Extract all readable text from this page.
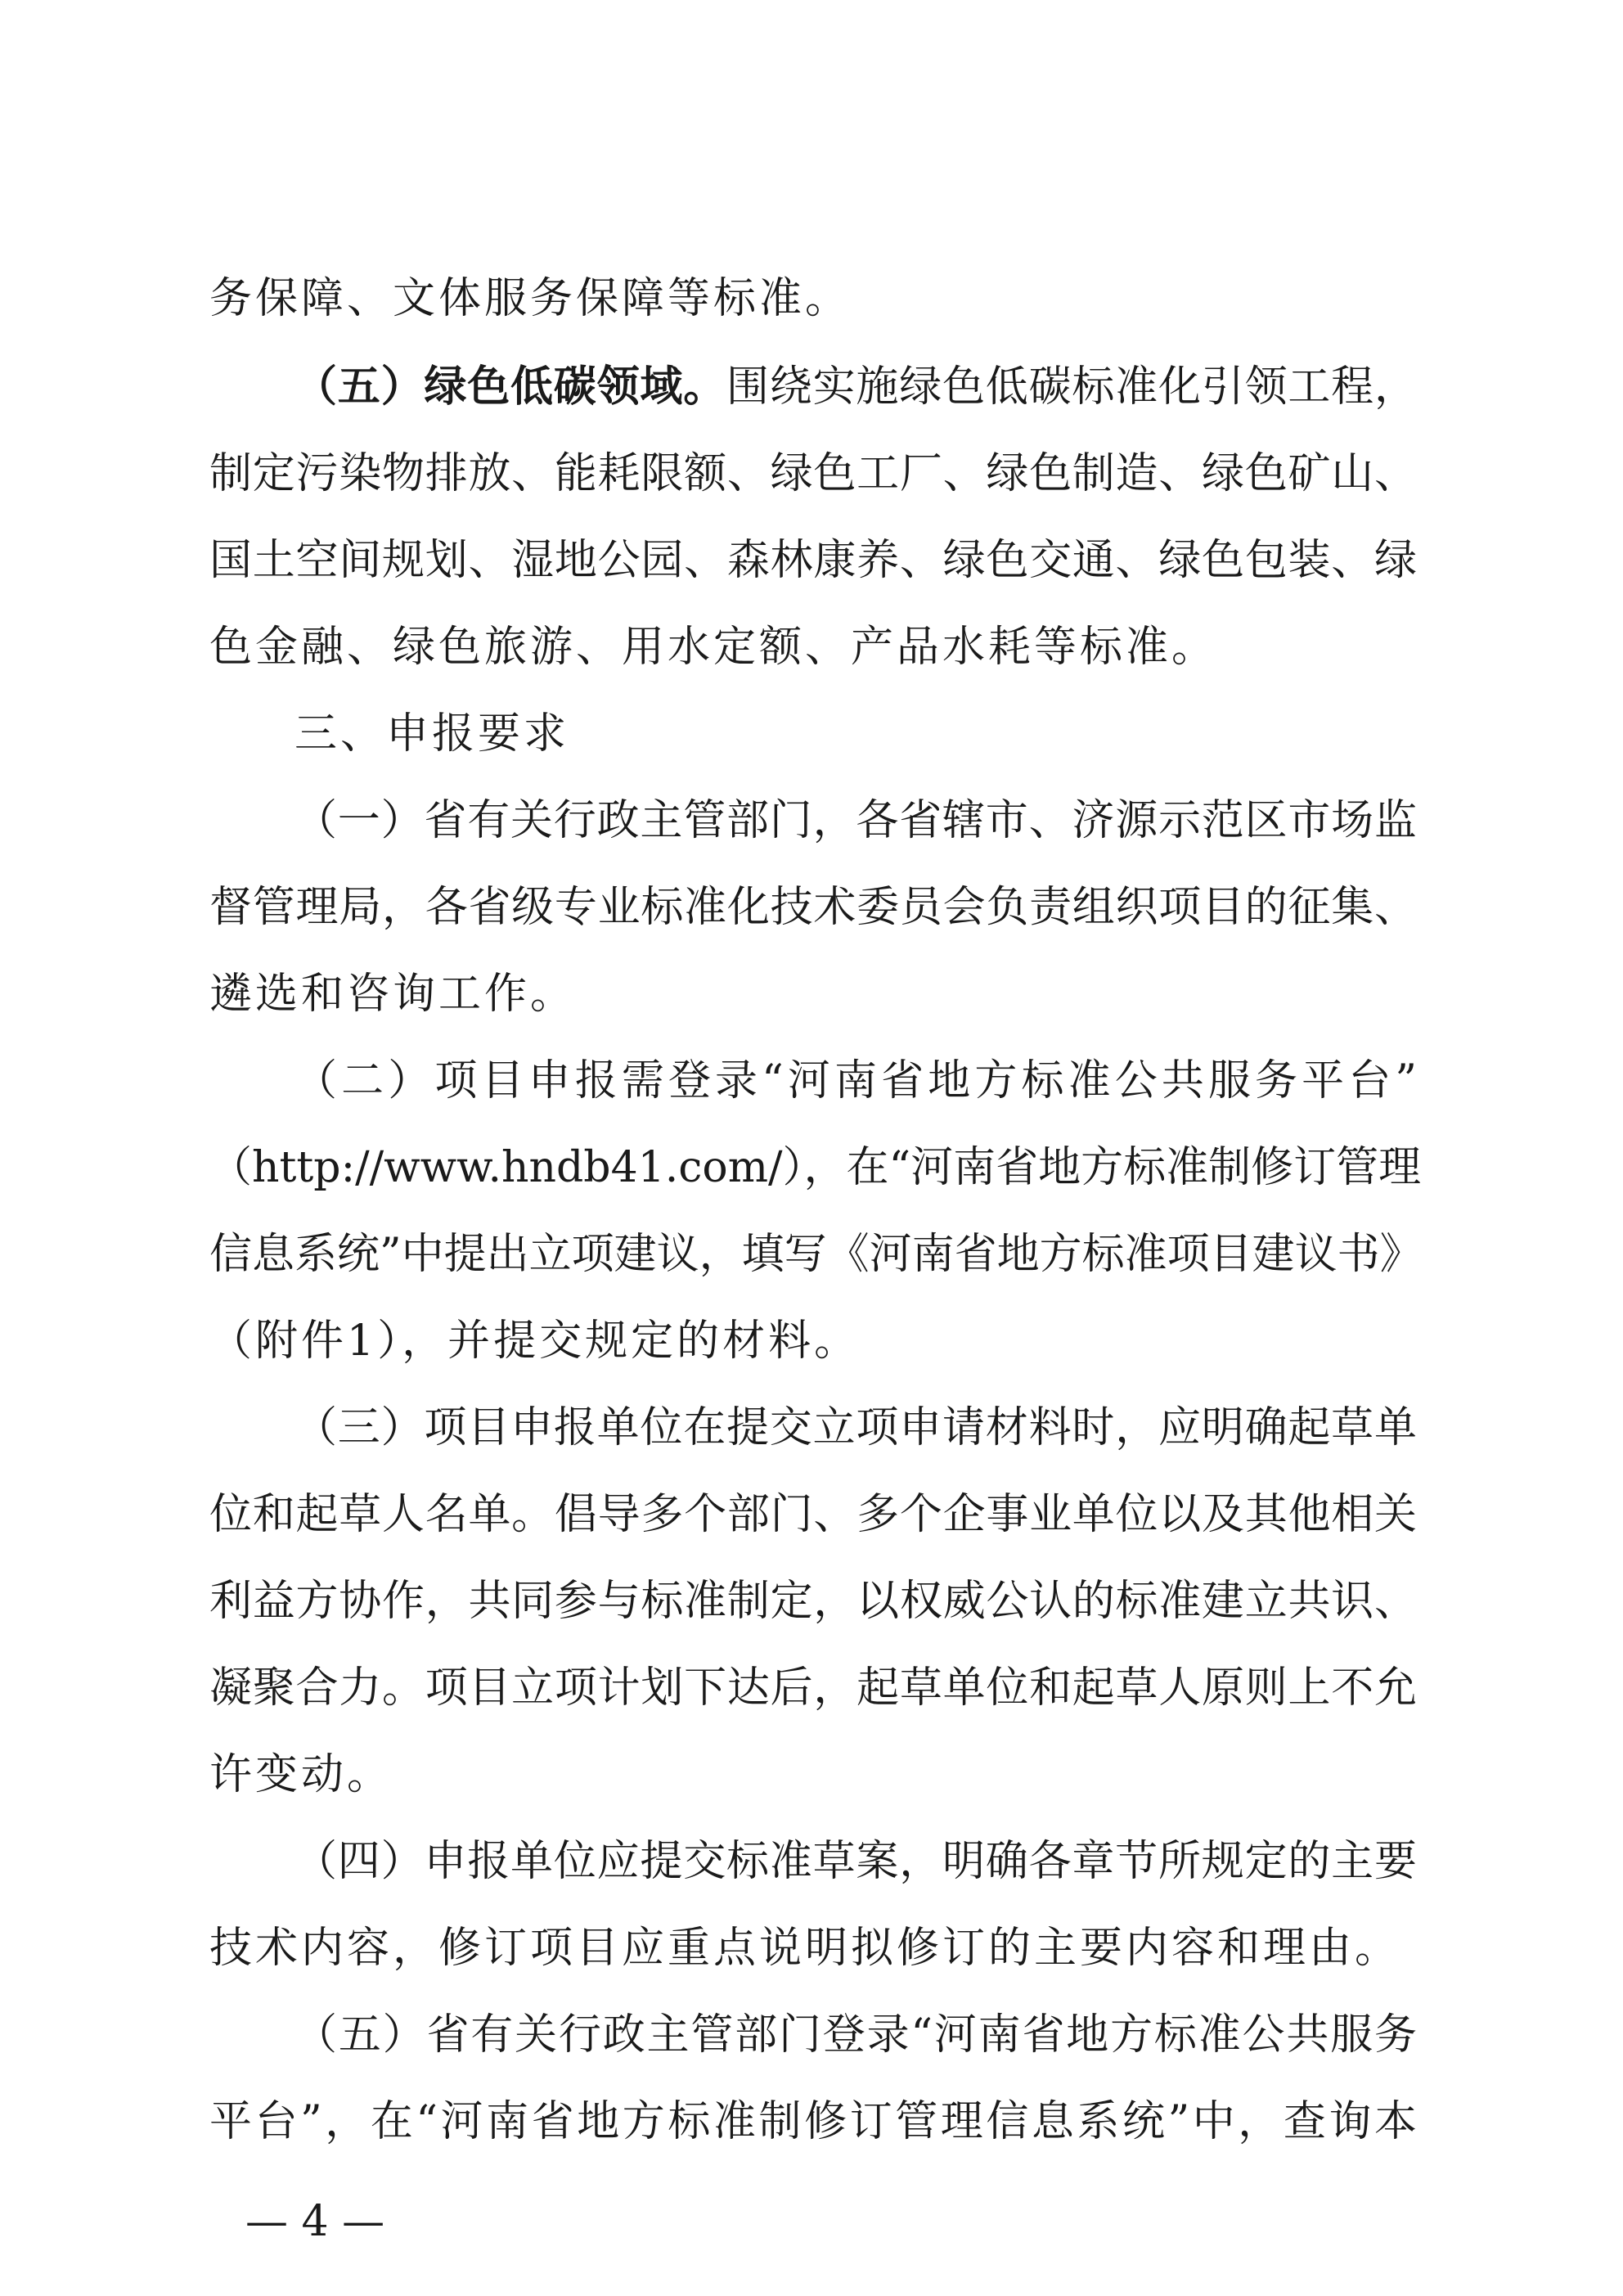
务保障、文体服务保障等标准。
（五）绿色低碳领域。围绕实施绿色低碳标准化引领工程，
制定污染物排放、能耗限额、绿色工厂、绿色制造、绿色矿山、
国土空间规划、湿地公园、森林康养、绿色交通、绿色包装、绿
色金融、绿色旅游、用水定额、产品水耗等标准。
三、申报要求
（一）省有关行政主管部门，各省辖市、济源示范区市场监
督管理局，各省级专业标准化技术委员会负责组织项目的征集、
遴选和咨询工作。
（二）项目申报需登录“河南省地方标准公共服务平台”
（http://www.hndb41.com/），在“河南省地方标准制修订管理
信息系统”中提出立项建议，填写《河南省地方标准项目建议书》
（附件1），并提交规定的材料。
（三）项目申报单位在提交立项申请材料时，应明确起草单
位和起草人名单。倡导多个部门、多个企事业单位以及其他相关
利益方协作，共同参与标准制定，以权威公认的标准建立共识、
凝聚合力。项目立项计划下达后，起草单位和起草人原则上不允
许变动。
（四）申报单位应提交标准草案，明确各章节所规定的主要
技术内容，修订项目应重点说明拟修订的主要内容和理由。
（五）省有关行政主管部门登录“河南省地方标准公共服务
平台”，在“河南省地方标准制修订管理信息系统”中，查询本
— 4 —
